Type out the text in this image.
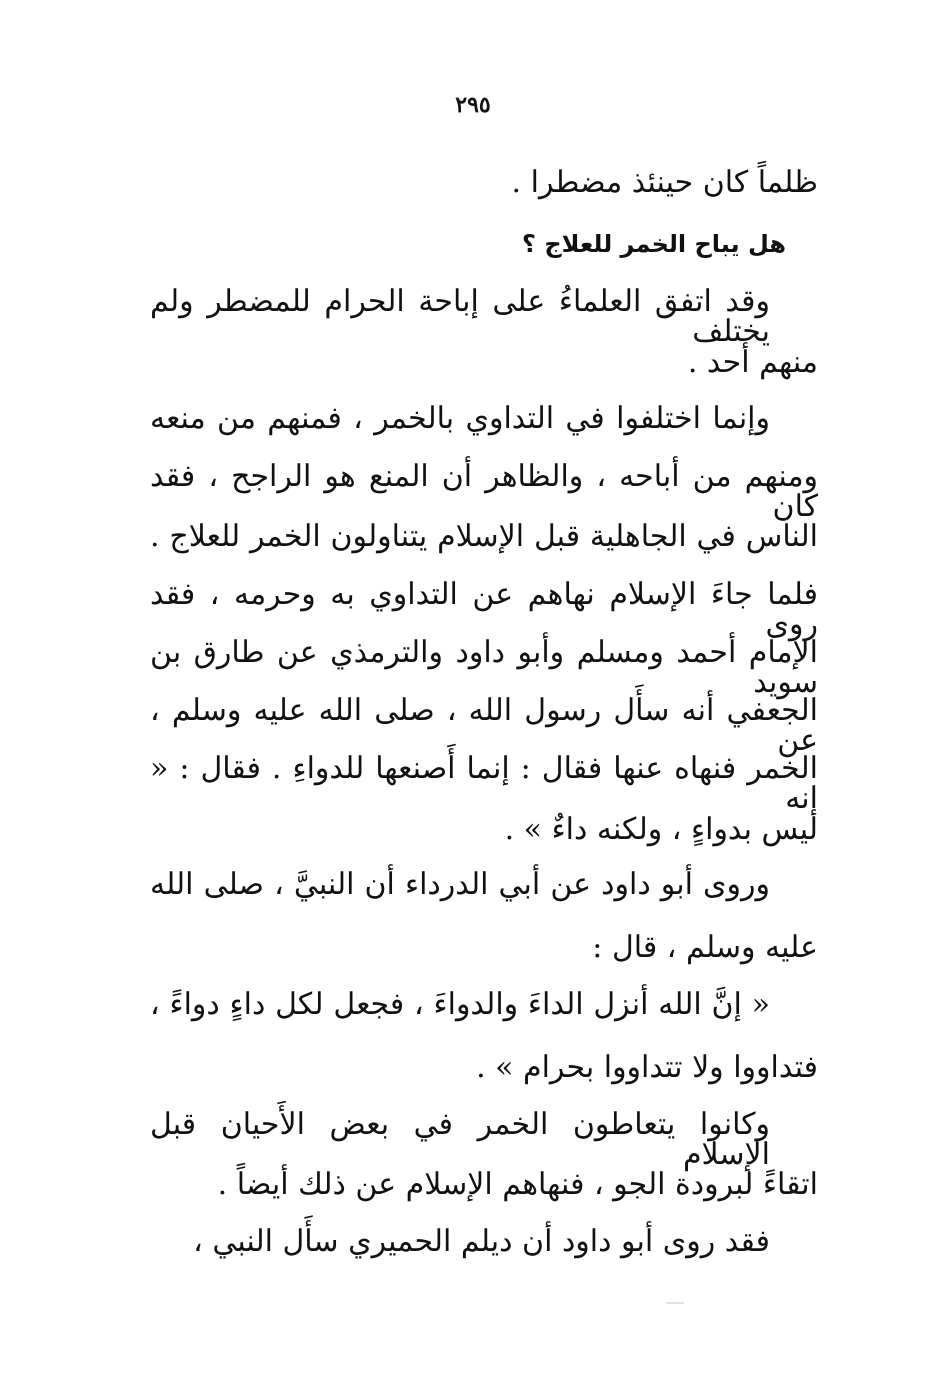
٢٩٥
ظلماً كان حينئذ مضطرا .
هل يباح الخمر للعلاج ؟
وقد اتفق العلماءُ على إباحة الحرام للمضطر ولم يختلف
منهم أحد .
وإنما اختلفوا في التداوي بالخمر ، فمنهم من منعه
ومنهم من أباحه ، والظاهر أن المنع هو الراجح ، فقد كان
الناس في الجاهلية قبل الإسلام يتناولون الخمر للعلاج .
فلما جاءَ الإسلام نهاهم عن التداوي به وحرمه ، فقد روى
الإمام أحمد ومسلم وأبو داود والترمذي عن طارق بن سويد
الجعفي أنه سأَل رسول الله ، صلى الله عليه وسلم ، عن
الخمر فنهاه عنها فقال : إنما أَصنعها للدواءِ . فقال : « إنه
ليس بدواءٍ ، ولكنه داءٌ » .
وروى أبو داود عن أبي الدرداء أن النبيَّ ، صلى الله
عليه وسلم ، قال :
« إنَّ الله أنزل الداءَ والدواءَ ، فجعل لكل داءٍ دواءً ،
فتداووا ولا تتداووا بحرام » .
وكانوا يتعاطون الخمر في بعض الأَحيان قبل الإسلام
اتقاءً لبرودة الجو ، فنهاهم الإسلام عن ذلك أيضاً .
فقد روى أبو داود أن ديلم الحميري سأَل النبي ،
